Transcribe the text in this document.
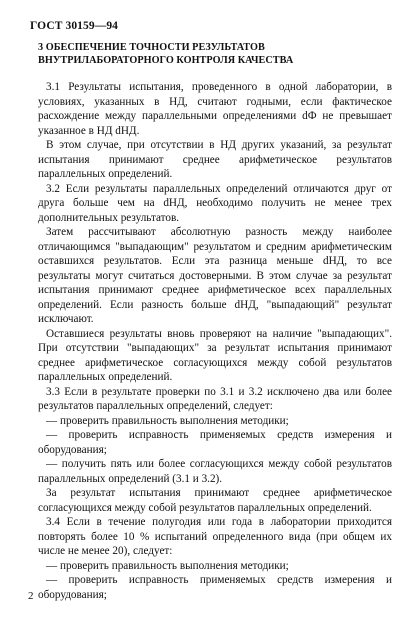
ГОСТ 30159—94
3 ОБЕСПЕЧЕНИЕ ТОЧНОСТИ РЕЗУЛЬТАТОВ ВНУТРИЛАБОРАТОРНОГО КОНТРОЛЯ КАЧЕСТВА

3.1 Результаты испытания, проведенного в одной лаборатории, в условиях, указанных в НД, считают годными, если фактическое расхождение между параллельными определениями dФ не превышает указанное в НД dНД.

В этом случае, при отсутствии в НД других указаний, за результат испытания принимают среднее арифметическое результатов параллельных определений.

3.2 Если результаты параллельных определений отличаются друг от друга больше чем на dНД, необходимо получить не менее трех дополнительных результатов.

Затем рассчитывают абсолютную разность между наиболее отличающимся "выпадающим" результатом и средним арифметическим оставшихся результатов. Если эта разница меньше dНД, то все результаты могут считаться достоверными. В этом случае за результат испытания принимают среднее арифметическое всех параллельных определений. Если разность больше dНД, "выпадающий" результат исключают.

Оставшиеся результаты вновь проверяют на наличие "выпадающих". При отсутствии "выпадающих" за результат испытания принимают среднее арифметическое согласующихся между собой результатов параллельных определений.

3.3 Если в результате проверки по 3.1 и 3.2 исключено два или более результатов параллельных определений, следует:

— проверить правильность выполнения методики;

— проверить исправность применяемых средств измерения и оборудования;

— получить пять или более согласующихся между собой результатов параллельных определений (3.1 и 3.2).

За результат испытания принимают среднее арифметическое согласующихся между собой результатов параллельных определений.

3.4 Если в течение полугодия или года в лаборатории приходится повторять более 10 % испытаний определенного вида (при общем их числе не менее 20), следует:

— проверить правильность выполнения методики;

— проверить исправность применяемых средств измерения и оборудования;

2
